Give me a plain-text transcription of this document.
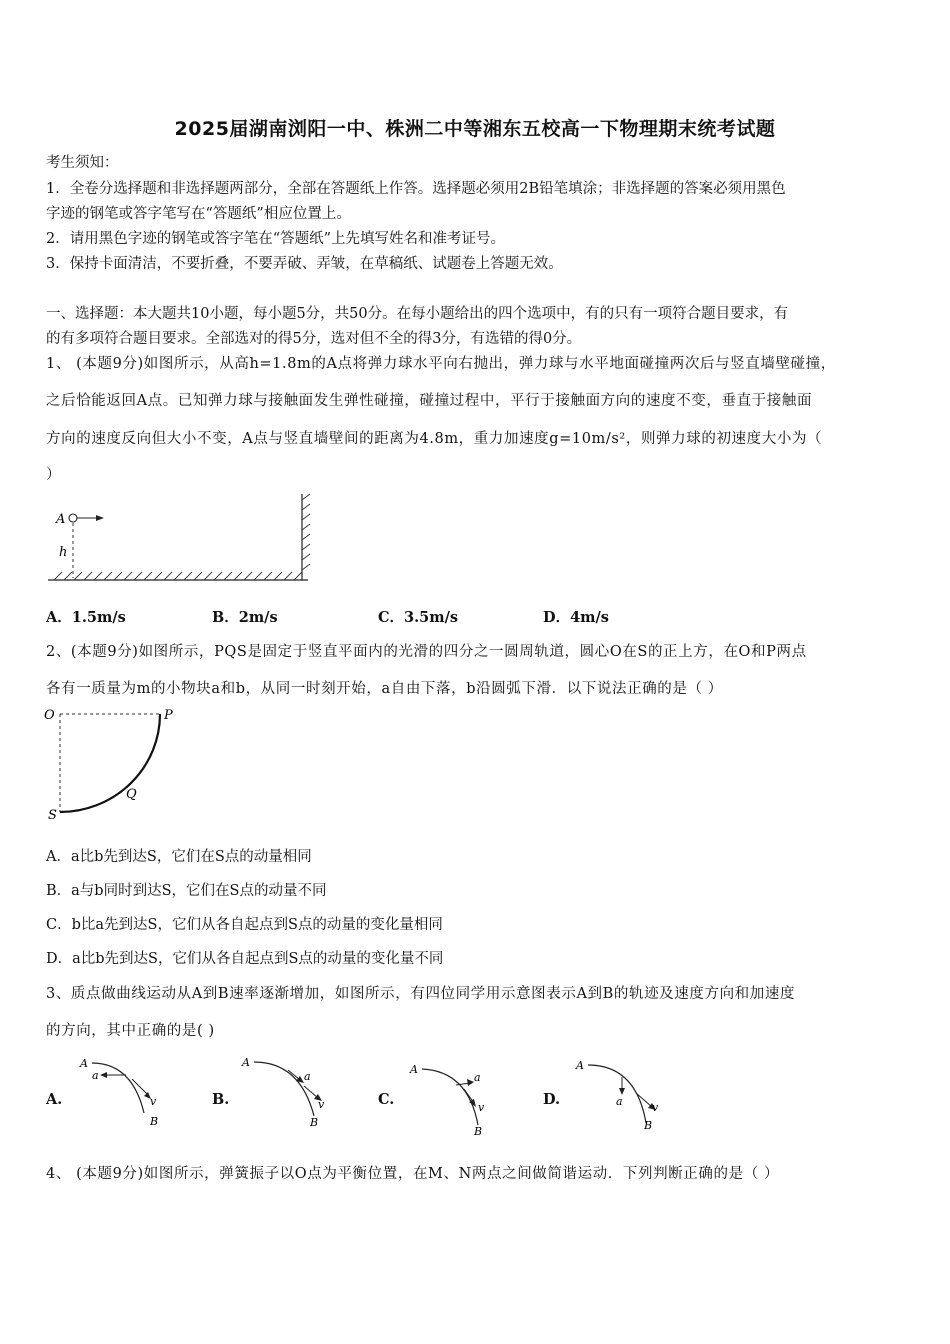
2025届湖南浏阳一中、株洲二中等湘东五校高一下物理期末统考试题
考生须知：
1．全卷分选择题和非选择题两部分，全部在答题纸上作答。选择题必须用2B铅笔填涂；非选择题的答案必须用黑色
字迹的钢笔或答字笔写在“答题纸”相应位置上。
2．请用黑色字迹的钢笔或答字笔在“答题纸”上先填写姓名和准考证号。
3．保持卡面清洁，不要折叠，不要弄破、弄皱，在草稿纸、试题卷上答题无效。
一、选择题：本大题共10小题，每小题5分，共50分。在每小题给出的四个选项中，有的只有一项符合题目要求，有
的有多项符合题目要求。全部选对的得5分，选对但不全的得3分，有选错的得0分。
1、 (本题9分)如图所示，从高h=1.8m的A点将弹力球水平向右抛出，弹力球与水平地面碰撞两次后与竖直墙壁碰撞，
之后恰能返回A点。已知弹力球与接触面发生弹性碰撞，碰撞过程中，平行于接触面方向的速度不变，垂直于接触面
方向的速度反向但大小不变，A点与竖直墙壁间的距离为4.8m，重力加速度g=10m/s²，则弹力球的初速度大小为（
）
A
h
A．1.5m/s	B．2m/s	C．3.5m/s	D．4m/s
2、(本题9分)如图所示，PQS是固定于竖直平面内的光滑的四分之一圆周轨道，圆心O在S的正上方，在O和P两点
各有一质量为m的小物块a和b，从同一时刻开始，a自由下落，b沿圆弧下滑．以下说法正确的是（ ）
O	P
Q
S
A．a比b先到达S，它们在S点的动量相同
B．a与b同时到达S，它们在S点的动量不同
C．b比a先到达S，它们从各自起点到S点的动量的变化量相同
D．a比b先到达S，它们从各自起点到S点的动量的变化量不同
3、质点做曲线运动从A到B速率逐渐增加，如图所示，有四位同学用示意图表示A到B的轨迹及速度方向和加速度
的方向，其中正确的是( )
A.	B.	C.	D.
A
a
v
B
A
a
v
B
A
a
v
B
A
a	v
B
4、 (本题9分)如图所示，弹簧振子以O点为平衡位置，在M、N两点之间做简谐运动．下列判断正确的是（ ）
